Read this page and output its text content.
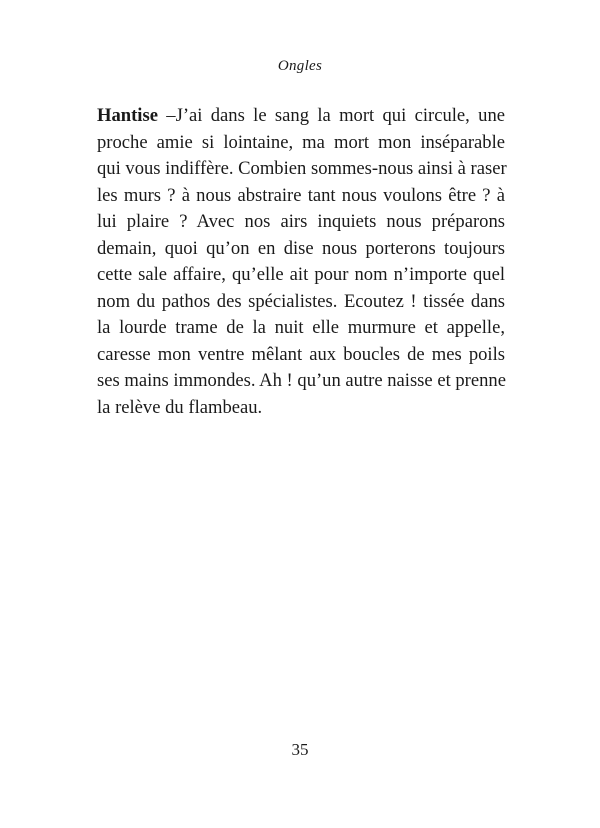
Ongles
Hantise –J’ai dans le sang la mort qui circule, une
proche amie si lointaine, ma mort mon inséparable
qui vous indiffère. Combien sommes-nous ainsi à raser
les murs ? à nous abstraire tant nous voulons être ? à
lui plaire ? Avec nos airs inquiets nous préparons
demain, quoi qu’on en dise nous porterons toujours
cette sale affaire, qu’elle ait pour nom n’importe quel
nom du pathos des spécialistes. Ecoutez ! tissée dans
la lourde trame de la nuit elle murmure et appelle,
caresse mon ventre mêlant aux boucles de mes poils
ses mains immondes. Ah ! qu’un autre naisse et prenne
la relève du flambeau.
35
